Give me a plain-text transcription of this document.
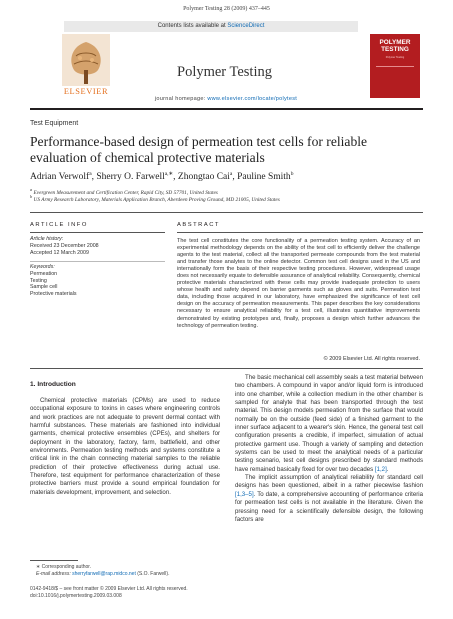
Polymer Testing 28 (2009) 437–445
Contents lists available at ScienceDirect
ELSEVIER
Polymer Testing
journal homepage: www.elsevier.com/locate/polytest
POLYMER TESTING
Polymer Testing
Test Equipment
Performance-based design of permeation test cells for reliable evaluation of chemical protective materials
Adrian Verwolf$^a$, Sherry O. Farwell$^{a,∗}$, Zhongtao Cai$^a$, Pauline Smith$^b$
$^a$ Evergreen Measurement and Certification Center, Rapid City, SD 57701, United States
$^b$ US Army Research Laboratory, Materials Application Branch, Aberdeen Proving Ground, MD 21005, United States
ARTICLE INFO
Article history:
Received 23 December 2008
Accepted 12 March 2009
Keywords:
Permeation
Testing
Sample cell
Protective materials
ABSTRACT
The test cell constitutes the core functionality of a permeation testing system. Accuracy of an experimental methodology depends on the ability of the test cell to efficiently deliver the challenge agents to the test material, collect all the transported permeate compounds from the test material and transfer those analytes to the online detector. Common test cell designs used in the US and internationally form the basis of their respective testing procedures. However, widespread usage does not necessarily equate to defensible assurance of analytical reliability. Consequently, chemical protective materials characterized with these cells may provide inadequate protection to users whose health and safety depend on barrier garments such as gloves and suits. Permeation test data, including those acquired in our laboratory, have emphasized the significance of test cell design on the accuracy of permeation measurements. This paper describes the key considerations necessary to ensure analytical reliability for a test cell, illustrates quantitative improvements demonstrated by existing prototypes and, finally, proposes a design which further advances the technology of permeation testing.
© 2009 Elsevier Ltd. All rights reserved.
1. Introduction
Chemical protective materials (CPMs) are used to reduce occupational exposure to toxins in cases where engineering controls and work practices are not adequate to prevent dermal contact with harmful substances. These materials are fashioned into individual garments, chemical protective ensembles (CPEs), and shelters for deployment in the laboratory, factory, farm, battlefield, and other environments. Permeation testing methods and systems constitute a critical link in the chain connecting material samples to the reliable prediction of their protective effectiveness during actual use. Therefore, test equipment for performance characterization of these protective barriers must provide a sound empirical foundation for materials development, improvement, and selection.
The basic mechanical cell assembly seals a test material between two chambers. A compound in vapor and/or liquid form is introduced into one chamber, while a collection medium in the other chamber is sampled for analyte that has been transported through the test material. This design models permeation from the surface that would normally be on the outside (feed side) of a finished garment to the inner surface adjacent to a wearer's skin. Hence, the general test cell configuration presents a credible, if imperfect, simulation of actual protective garment use. Though a variety of sampling and detection systems can be used to meet the analytical needs of a particular testing scenario, test cell designs prescribed by standard methods have remained basically fixed for over two decades [1,2].
The implicit assumption of analytical reliability for standard cell designs has been questioned, albeit in a rather piecewise fashion [1,3–5]. To date, a comprehensive accounting of performance criteria for permeation test cells is not available in the literature. Given the pressing need for a scientifically defensible design, the following factors are
∗ Corresponding author.
E-mail address: sherryfarwell@rap.midco.net (S.O. Farwell).
0142-9418/$ – see front matter © 2009 Elsevier Ltd. All rights reserved.
doi:10.1016/j.polymertesting.2009.03.008
